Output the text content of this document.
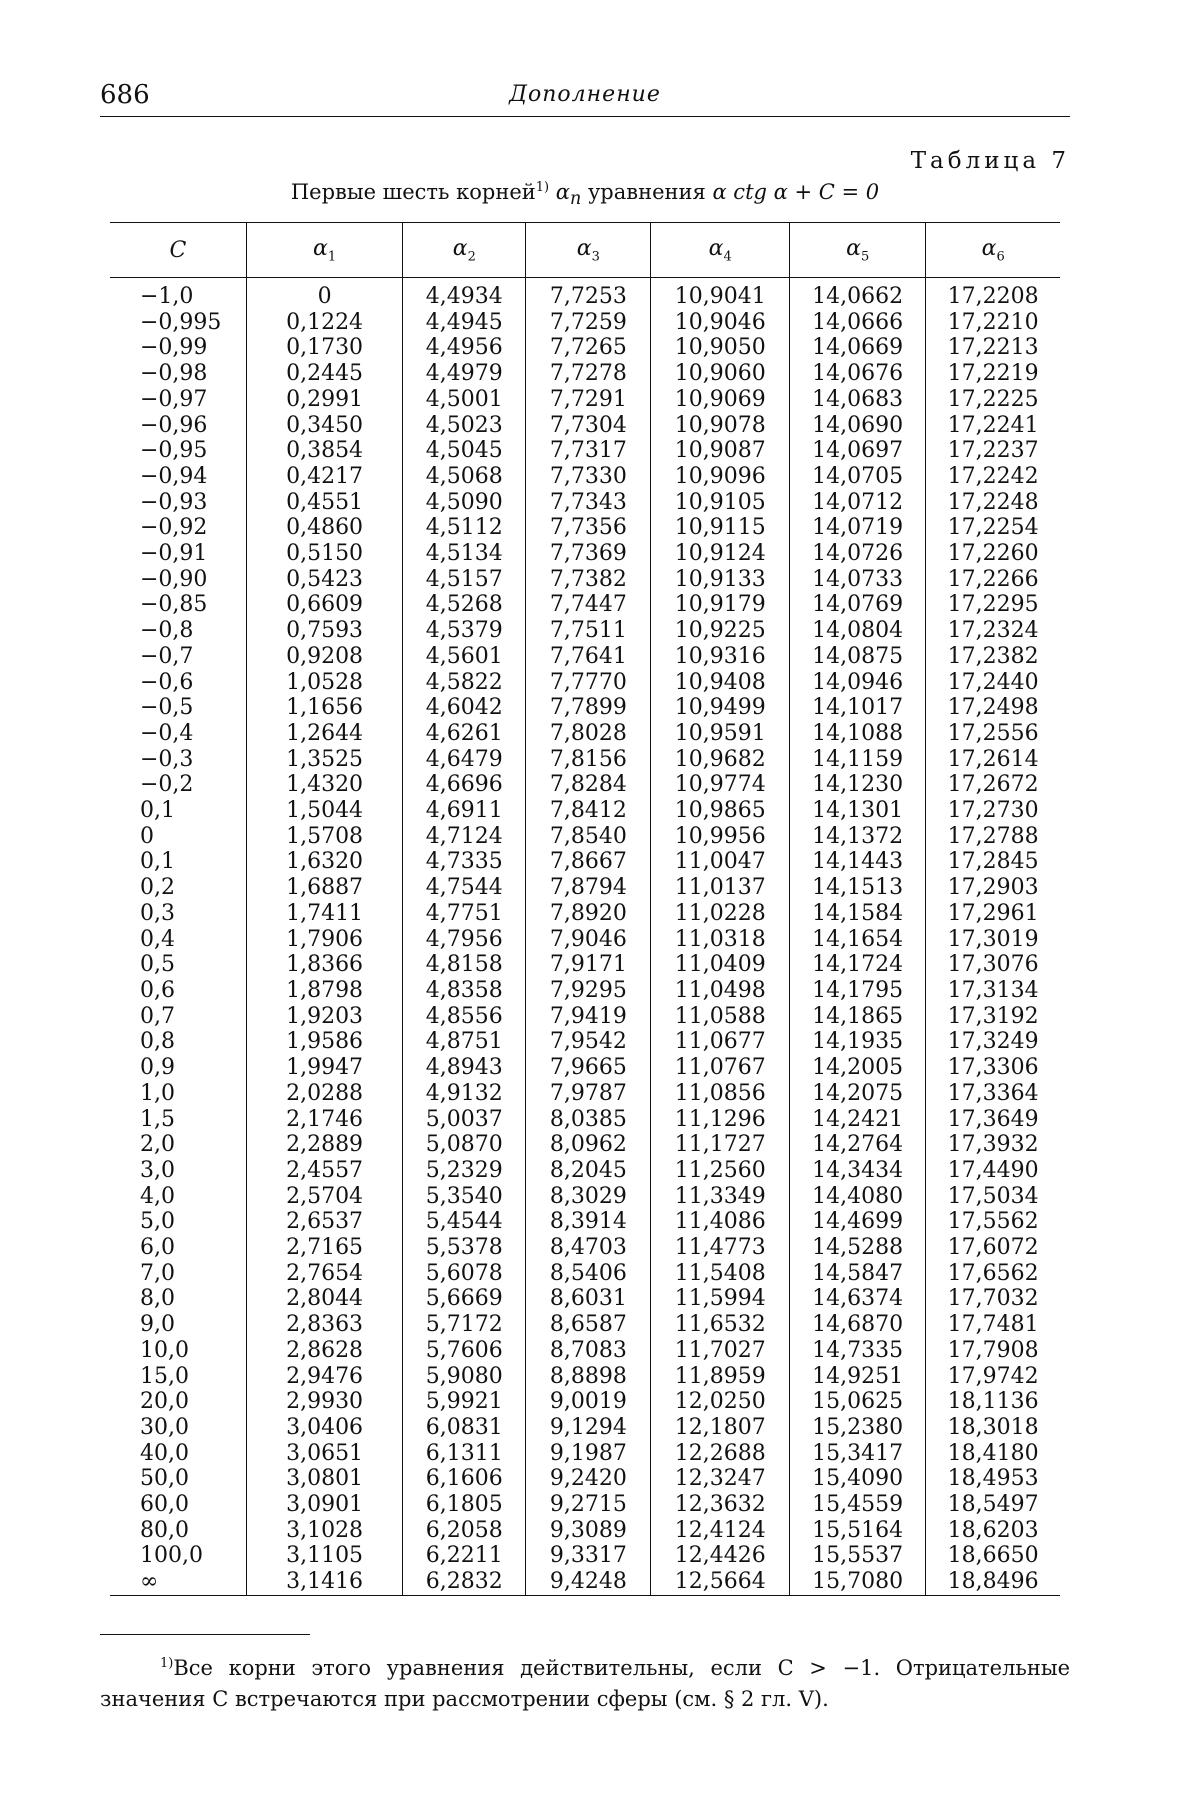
686	Дополнение
Таблица 7
Первые шесть корней$^{1)}$ $\alpha_n$ уравнения α ctg α + C = 0
C	$\alpha_1$	$\alpha_2$	$\alpha_3$	$\alpha_4$	$\alpha_5$	$\alpha_6$
−1,0	0	4,4934	7,7253	10,9041	14,0662	17,2208
−0,995	0,1224	4,4945	7,7259	10,9046	14,0666	17,2210
−0,99	0,1730	4,4956	7,7265	10,9050	14,0669	17,2213
−0,98	0,2445	4,4979	7,7278	10,9060	14,0676	17,2219
−0,97	0,2991	4,5001	7,7291	10,9069	14,0683	17,2225
−0,96	0,3450	4,5023	7,7304	10,9078	14,0690	17,2241
−0,95	0,3854	4,5045	7,7317	10,9087	14,0697	17,2237
−0,94	0,4217	4,5068	7,7330	10,9096	14,0705	17,2242
−0,93	0,4551	4,5090	7,7343	10,9105	14,0712	17,2248
−0,92	0,4860	4,5112	7,7356	10,9115	14,0719	17,2254
−0,91	0,5150	4,5134	7,7369	10,9124	14,0726	17,2260
−0,90	0,5423	4,5157	7,7382	10,9133	14,0733	17,2266
−0,85	0,6609	4,5268	7,7447	10,9179	14,0769	17,2295
−0,8	0,7593	4,5379	7,7511	10,9225	14,0804	17,2324
−0,7	0,9208	4,5601	7,7641	10,9316	14,0875	17,2382
−0,6	1,0528	4,5822	7,7770	10,9408	14,0946	17,2440
−0,5	1,1656	4,6042	7,7899	10,9499	14,1017	17,2498
−0,4	1,2644	4,6261	7,8028	10,9591	14,1088	17,2556
−0,3	1,3525	4,6479	7,8156	10,9682	14,1159	17,2614
−0,2	1,4320	4,6696	7,8284	10,9774	14,1230	17,2672
0,1	1,5044	4,6911	7,8412	10,9865	14,1301	17,2730
0	1,5708	4,7124	7,8540	10,9956	14,1372	17,2788
0,1	1,6320	4,7335	7,8667	11,0047	14,1443	17,2845
0,2	1,6887	4,7544	7,8794	11,0137	14,1513	17,2903
0,3	1,7411	4,7751	7,8920	11,0228	14,1584	17,2961
0,4	1,7906	4,7956	7,9046	11,0318	14,1654	17,3019
0,5	1,8366	4,8158	7,9171	11,0409	14,1724	17,3076
0,6	1,8798	4,8358	7,9295	11,0498	14,1795	17,3134
0,7	1,9203	4,8556	7,9419	11,0588	14,1865	17,3192
0,8	1,9586	4,8751	7,9542	11,0677	14,1935	17,3249
0,9	1,9947	4,8943	7,9665	11,0767	14,2005	17,3306
1,0	2,0288	4,9132	7,9787	11,0856	14,2075	17,3364
1,5	2,1746	5,0037	8,0385	11,1296	14,2421	17,3649
2,0	2,2889	5,0870	8,0962	11,1727	14,2764	17,3932
3,0	2,4557	5,2329	8,2045	11,2560	14,3434	17,4490
4,0	2,5704	5,3540	8,3029	11,3349	14,4080	17,5034
5,0	2,6537	5,4544	8,3914	11,4086	14,4699	17,5562
6,0	2,7165	5,5378	8,4703	11,4773	14,5288	17,6072
7,0	2,7654	5,6078	8,5406	11,5408	14,5847	17,6562
8,0	2,8044	5,6669	8,6031	11,5994	14,6374	17,7032
9,0	2,8363	5,7172	8,6587	11,6532	14,6870	17,7481
10,0	2,8628	5,7606	8,7083	11,7027	14,7335	17,7908
15,0	2,9476	5,9080	8,8898	11,8959	14,9251	17,9742
20,0	2,9930	5,9921	9,0019	12,0250	15,0625	18,1136
30,0	3,0406	6,0831	9,1294	12,1807	15,2380	18,3018
40,0	3,0651	6,1311	9,1987	12,2688	15,3417	18,4180
50,0	3,0801	6,1606	9,2420	12,3247	15,4090	18,4953
60,0	3,0901	6,1805	9,2715	12,3632	15,4559	18,5497
80,0	3,1028	6,2058	9,3089	12,4124	15,5164	18,6203
100,0	3,1105	6,2211	9,3317	12,4426	15,5537	18,6650
∞	3,1416	6,2832	9,4248	12,5664	15,7080	18,8496

$^{1)}$Все корни этого уравнения действительны, если C > −1. Отрицательные значения C встречаются при рассмотрении сферы (см. § 2 гл. V).
